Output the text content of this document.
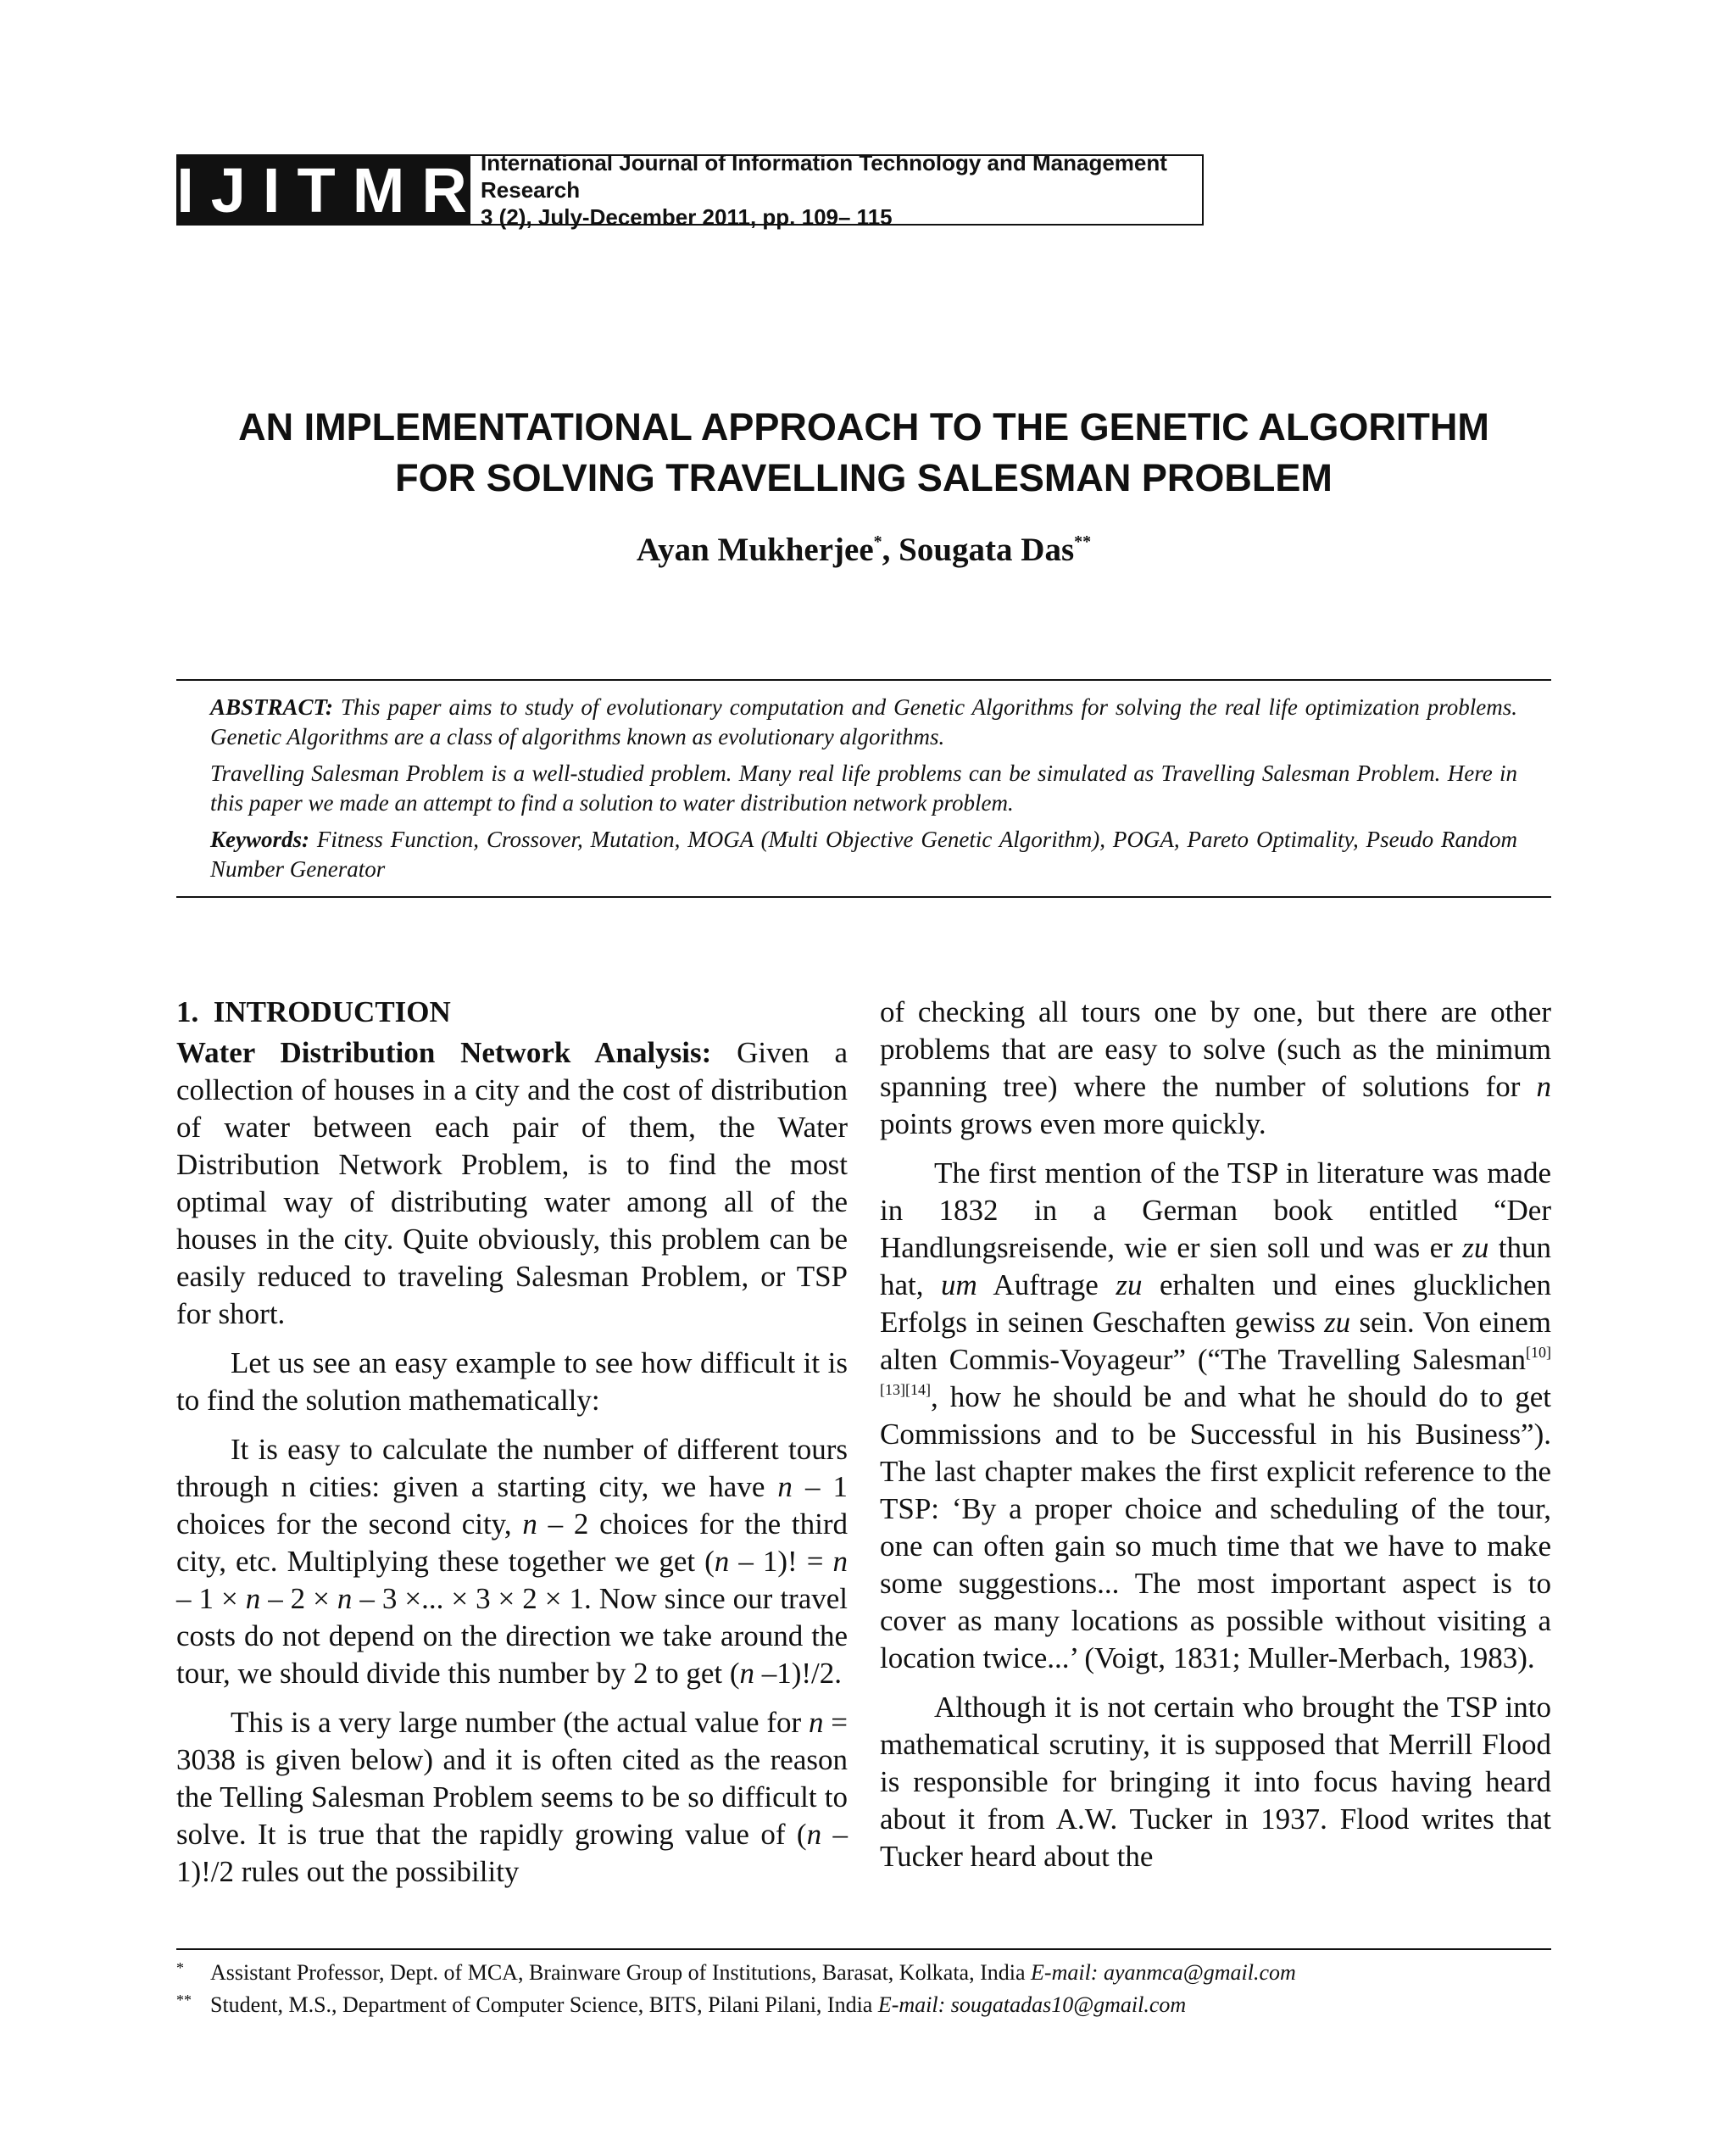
IJITMR
International Journal of Information Technology and Management Research
3 (2), July-December 2011, pp. 109– 115
AN IMPLEMENTATIONAL APPROACH TO THE GENETIC ALGORITHM
FOR SOLVING TRAVELLING SALESMAN PROBLEM
Ayan Mukherjee*, Sougata Das**

ABSTRACT: This paper aims to study of evolutionary computation and Genetic Algorithms for solving the real life optimization problems. Genetic Algorithms are a class of algorithms known as evolutionary algorithms.

Travelling Salesman Problem is a well-studied problem. Many real life problems can be simulated as Travelling Salesman Problem. Here in this paper we made an attempt to find a solution to water distribution network problem.

Keywords: Fitness Function, Crossover, Mutation, MOGA (Multi Objective Genetic Algorithm), POGA, Pareto Optimality, Pseudo Random Number Generator

1.  INTRODUCTION

Water Distribution Network Analysis: Given a collection of houses in a city and the cost of distribution of water between each pair of them, the Water Distribution Network Problem, is to find the most optimal way of distributing water among all of the houses in the city. Quite obviously, this problem can be easily reduced to traveling Salesman Problem, or TSP for short.

Let us see an easy example to see how difficult it is to find the solution mathematically:

It is easy to calculate the number of different tours through n cities: given a starting city, we have n – 1 choices for the second city, n – 2 choices for the third city, etc. Multiplying these together we get (n – 1)! = n – 1 × n – 2 × n – 3 ×... × 3 × 2 × 1. Now since our travel costs do not depend on the direction we take around the tour, we should divide this number by 2 to get (n –1)!/2.

This is a very large number (the actual value for n = 3038 is given below) and it is often cited as the reason the Telling Salesman Problem seems to be so difficult to solve. It is true that the rapidly growing value of (n –1)!/2 rules out the possibility

of checking all tours one by one, but there are other problems that are easy to solve (such as the minimum spanning tree) where the number of solutions for n points grows even more quickly.

The first mention of the TSP in literature was made in 1832 in a German book entitled “Der Handlungsreisende, wie er sien soll und was er zu thun hat, um Auftrage zu erhalten und eines glucklichen Erfolgs in seinen Geschaften gewiss zu sein. Von einem alten Commis-Voyageur” (“The Travelling Salesman[10][13][14], how he should be and what he should do to get Commissions and to be Successful in his Business”). The last chapter makes the first explicit reference to the TSP: ‘By a proper choice and scheduling of the tour, one can often gain so much time that we have to make some suggestions... The most important aspect is to cover as many locations as possible without visiting a location twice...’ (Voigt, 1831; Muller-Merbach, 1983).

Although it is not certain who brought the TSP into mathematical scrutiny, it is supposed that Merrill Flood is responsible for bringing it into focus having heard about it from A.W. Tucker in 1937. Flood writes that Tucker heard about the

*	Assistant Professor, Dept. of MCA, Brainware Group of Institutions, Barasat, Kolkata, India E-mail: ayanmca@gmail.com
** Student, M.S., Department of Computer Science, BITS, Pilani Pilani, India E-mail: sougatadas10@gmail.com
